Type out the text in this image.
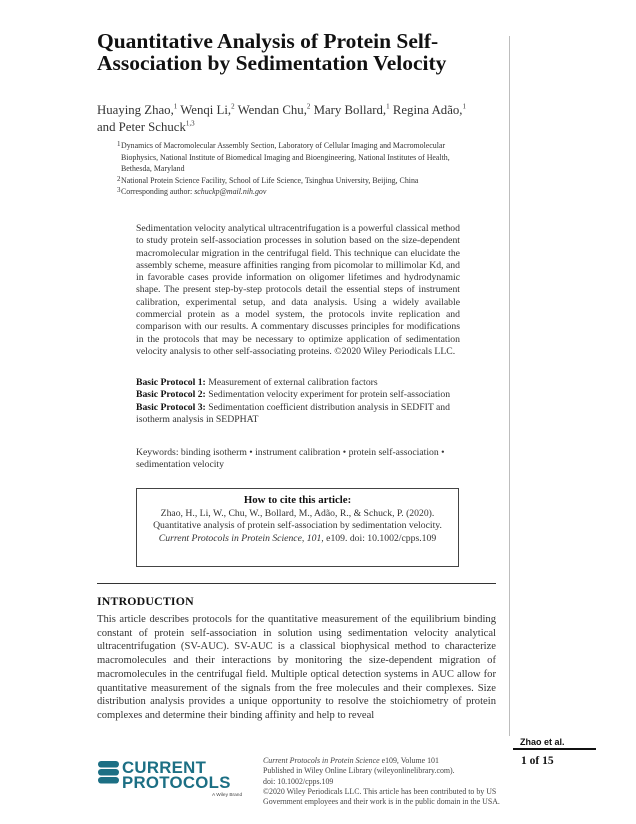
Quantitative Analysis of Protein Self-Association by Sedimentation Velocity
Huaying Zhao,$^1$ Wenqi Li,$^2$ Wendan Chu,$^2$ Mary Bollard,$^1$ Regina Adão,$^1$
and Peter Schuck$^{1,3}$
1 Dynamics of Macromolecular Assembly Section, Laboratory of Cellular Imaging and Macromolecular Biophysics, National Institute of Biomedical Imaging and Bioengineering, National Institutes of Health, Bethesda, Maryland
2 National Protein Science Facility, School of Life Science, Tsinghua University, Beijing, China
3 Corresponding author: schuckp@mail.nih.gov

Sedimentation velocity analytical ultracentrifugation is a powerful classical method to study protein self-association processes in solution based on the size-dependent macromolecular migration in the centrifugal field. This technique can elucidate the assembly scheme, measure affinities ranging from picomolar to millimolar Kd, and in favorable cases provide information on oligomer lifetimes and hydrodynamic shape. The present step-by-step protocols detail the essential steps of instrument calibration, experimental setup, and data analysis. Using a widely available commercial protein as a model system, the protocols invite replication and comparison with our results. A commentary discusses principles for modifications in the protocols that may be necessary to optimize application of sedimentation velocity analysis to other self-associating proteins. ©2020 Wiley Periodicals LLC.

Basic Protocol 1: Measurement of external calibration factors
Basic Protocol 2: Sedimentation velocity experiment for protein self-association
Basic Protocol 3: Sedimentation coefficient distribution analysis in SEDFIT and isotherm analysis in SEDPHAT
Keywords: binding isotherm • instrument calibration • protein self-association • sedimentation velocity
How to cite this article:
Zhao, H., Li, W., Chu, W., Bollard, M., Adão, R., & Schuck, P. (2020). Quantitative analysis of protein self-association by sedimentation velocity. Current Protocols in Protein Science, 101, e109. doi: 10.1002/cpps.109
INTRODUCTION

This article describes protocols for the quantitative measurement of the equilibrium binding constant of protein self-association in solution using sedimentation velocity analytical ultracentrifugation (SV-AUC). SV-AUC is a classical biophysical method to characterize macromolecules and their interactions by monitoring the size-dependent migration of macromolecules in the centrifugal field. Multiple optical detection systems in AUC allow for quantitative measurement of the signals from the free molecules and their complexes. Size distribution analysis provides a unique opportunity to resolve the stoichiometry of protein complexes and determine their binding affinity and help to reveal

Zhao et al.
1 of 15
CURRENT
PROTOCOLS
A Wiley Brand
Current Protocols in Protein Science e109, Volume 101
Published in Wiley Online Library (wileyonlinelibrary.com).
doi: 10.1002/cpps.109
©2020 Wiley Periodicals LLC. This article has been contributed to by US Government employees and their work is in the public domain in the USA.
